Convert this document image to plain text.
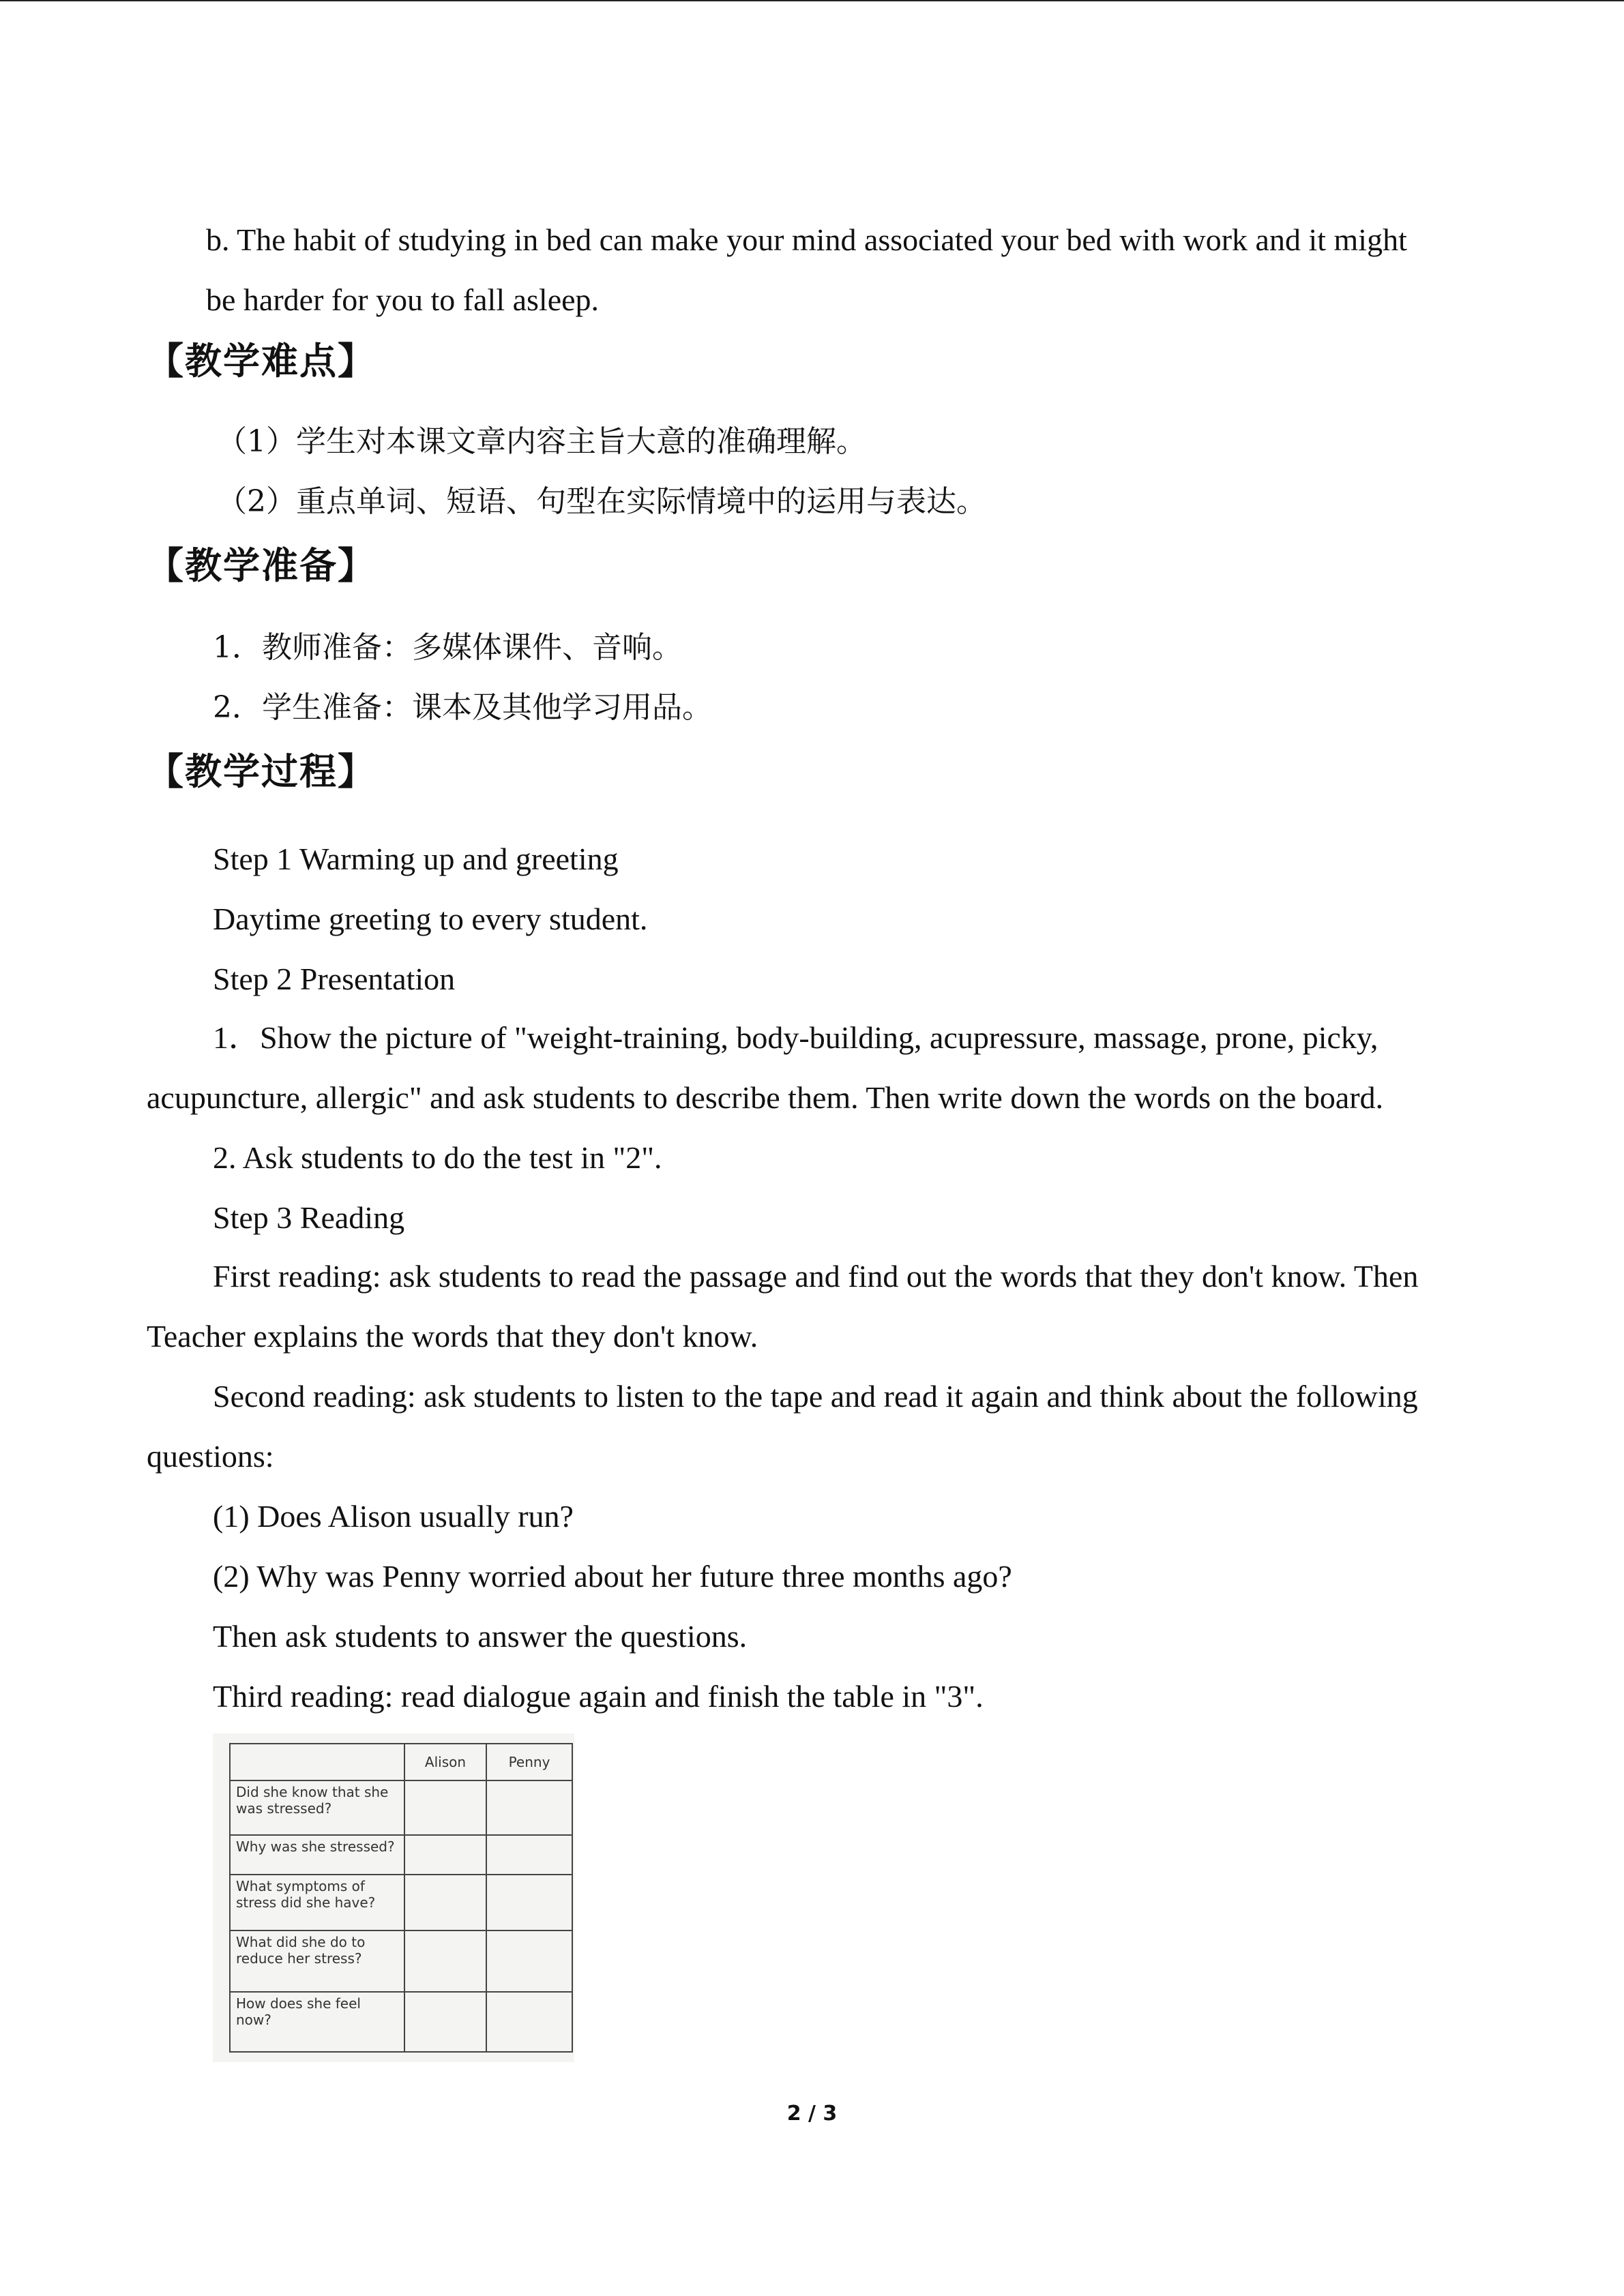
b. The habit of studying in bed can make your mind associated your bed with work and it might
be harder for you to fall asleep.
【教学难点】
（1）学生对本课文章内容主旨大意的准确理解。
（2）重点单词、短语、句型在实际情境中的运用与表达。
【教学准备】
1．教师准备：多媒体课件、音响。
2．学生准备：课本及其他学习用品。
【教学过程】
Step 1 Warming up and greeting
Daytime greeting to every student.
Step 2 Presentation
1．Show the picture of "weight-training, body-building, acupressure, massage, prone, picky,
acupuncture, allergic" and ask students to describe them. Then write down the words on the board.
2. Ask students to do the test in "2".
Step 3 Reading
First reading: ask students to read the passage and find out the words that they don't know. Then
Teacher explains the words that they don't know.
Second reading: ask students to listen to the tape and read it again and think about the following
questions:
(1) Does Alison usually run?
(2) Why was Penny worried about her future three months ago?
Then ask students to answer the questions.
Third reading: read dialogue again and finish the table in "3".
	Alison	Penny
Did she know that she was stressed?		
Why was she stressed?		
What symptoms of stress did she have?		
What did she do to reduce her stress?		
How does she feel now?		
2 / 3
